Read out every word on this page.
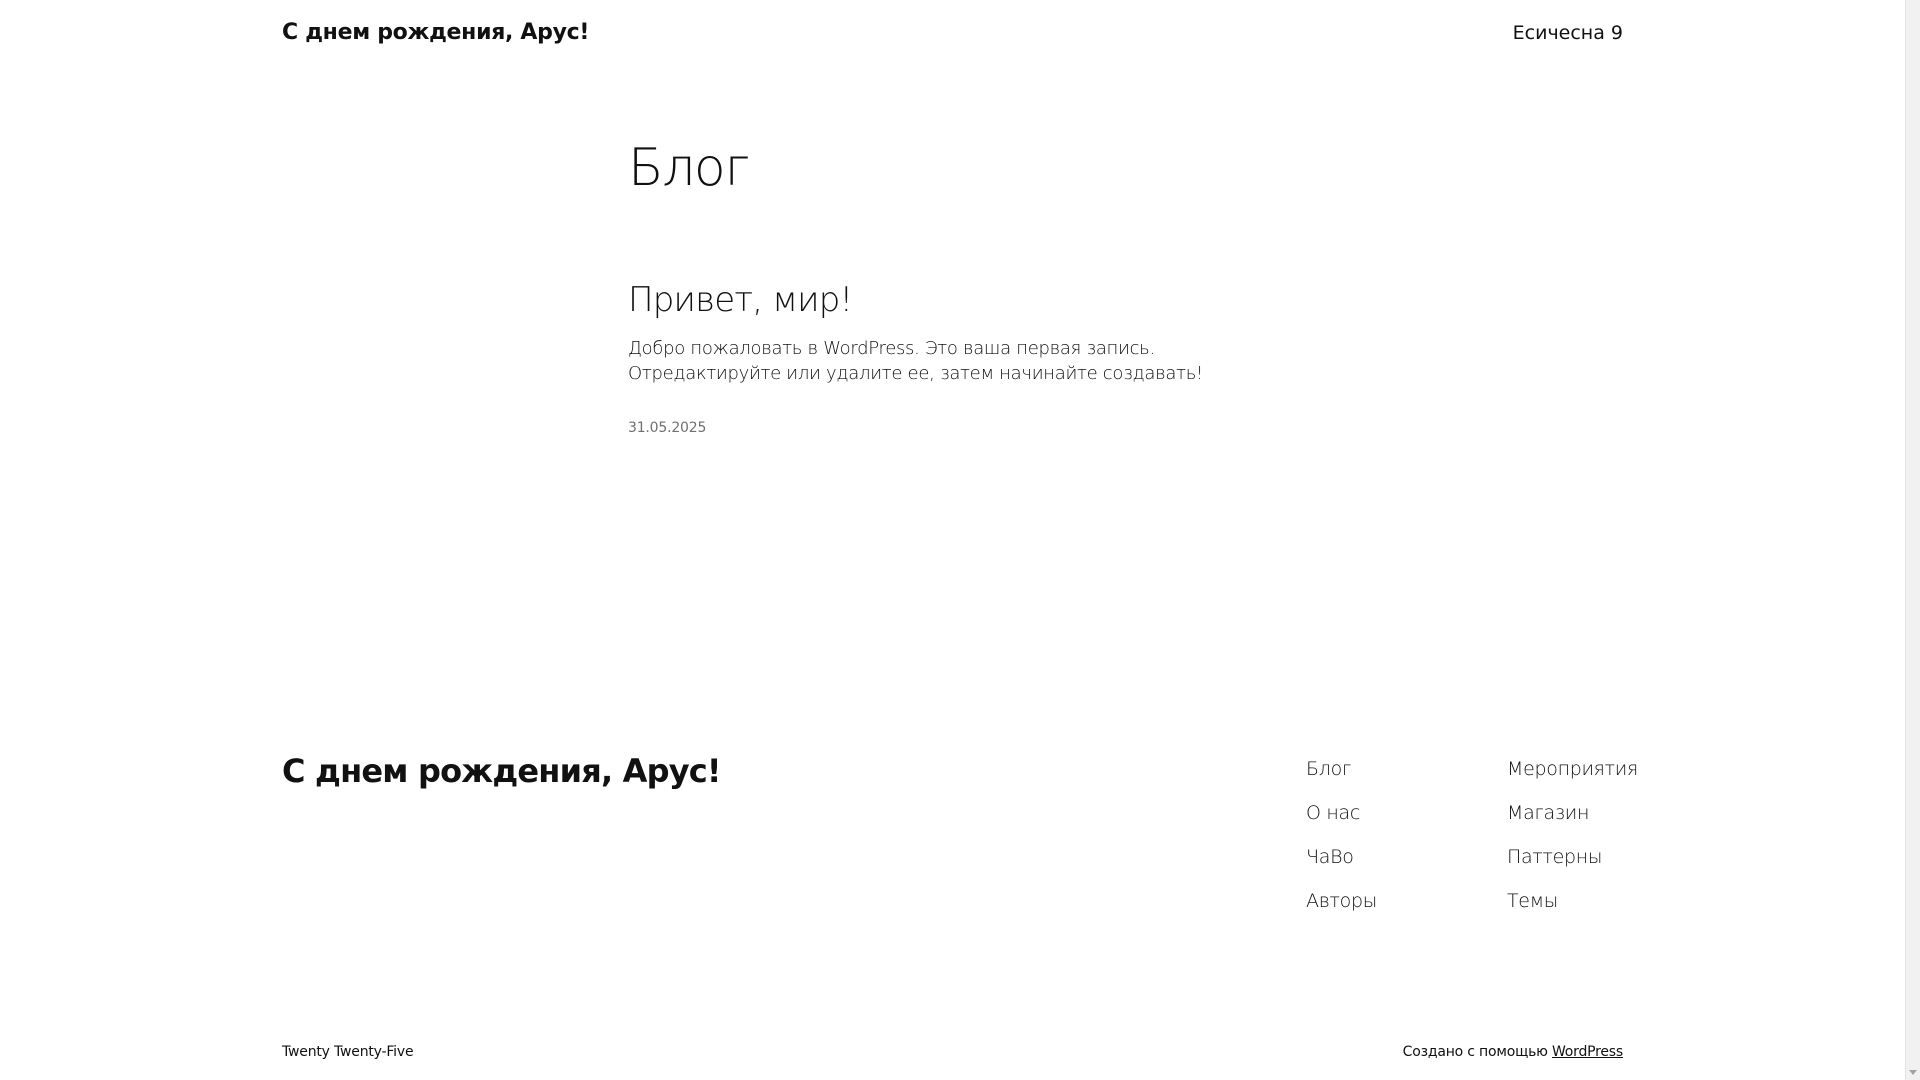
С днем рождения, Арус!	Есичесна 9
Блог
Привет, мир!

Добро пожаловать в WordPress. Это ваша первая запись. Отредактируйте или удалите ее, затем начинайте создавать!

31.05.2025
С днем рождения, Арус!	Блог
О нас
ЧаВо
Авторы
Мероприятия
Магазин
Паттерны
Темы
Twenty Twenty-Five	Создано с помощью WordPress
